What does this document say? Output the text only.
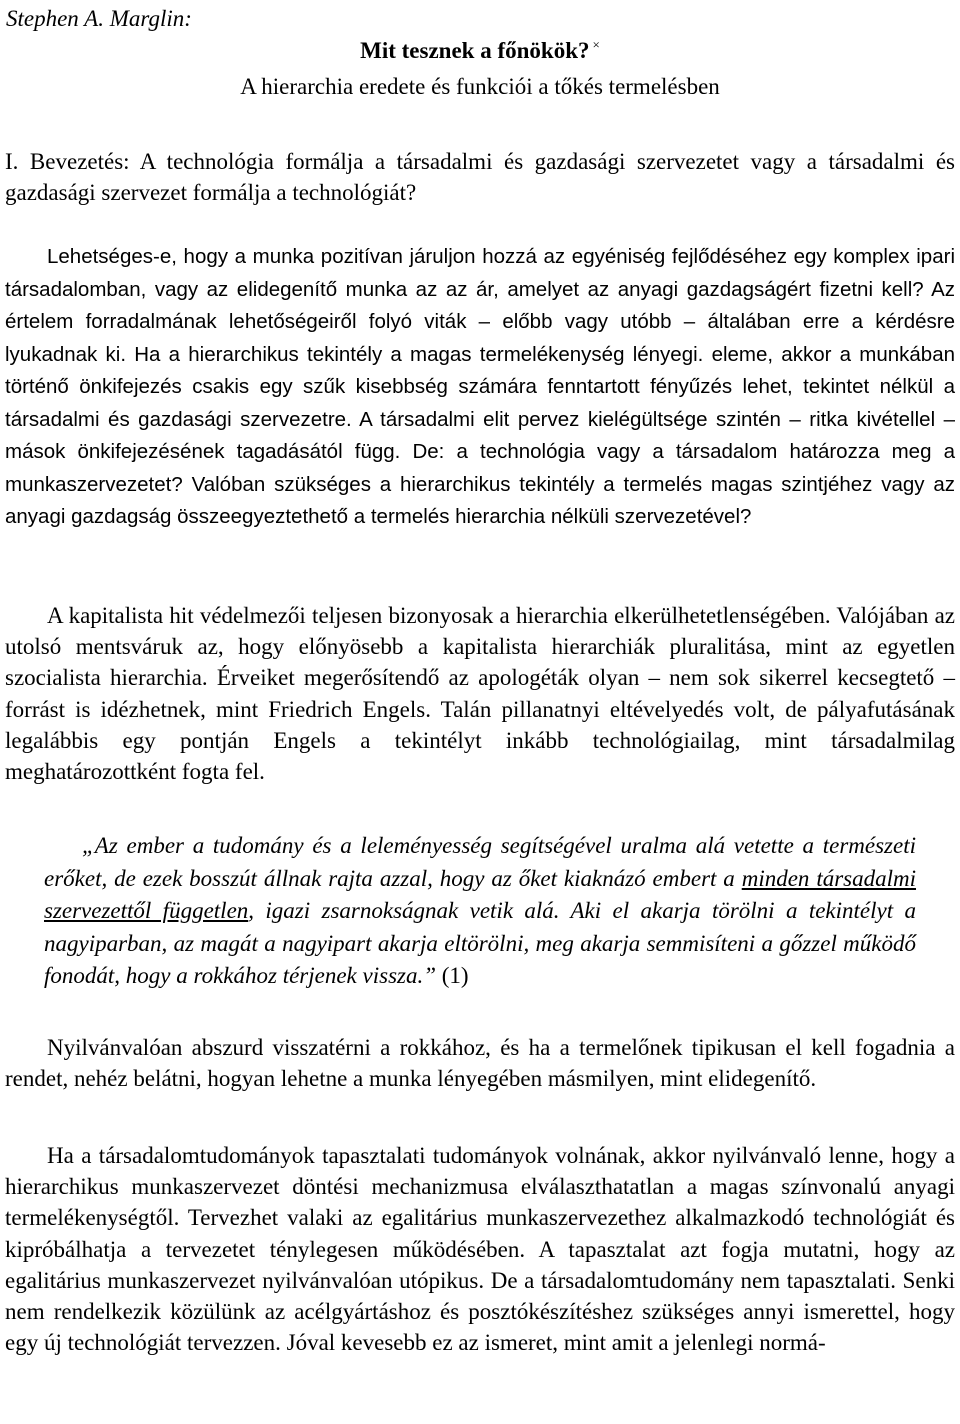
Stephen A. Marglin:
Mit tesznek a főnökök? ×
A hierarchia eredete és funkciói a tőkés termelésben
I. Bevezetés: A technológia formálja a társadalmi és gazdasági szervezetet vagy a társadalmi és gazdasági szervezet formálja a technológiát?
Lehetséges-e, hogy a munka pozitívan járuljon hozzá az egyéniség fejlődéséhez egy komplex ipari társadalomban, vagy az elidegenítő munka az az ár, amelyet az anyagi gazdagságért fizetni kell? Az értelem forradalmának lehetőségeiről folyó viták – előbb vagy utóbb – általában erre a kérdésre lyukadnak ki. Ha a hierarchikus tekintély a magas termelékenység lényegi. eleme, akkor a munkában történő önkifejezés csakis egy szűk kisebbség számára fenntartott fényűzés lehet, tekintet nélkül a társadalmi és gazdasági szervezetre. A társadalmi elit pervez kielégültsége szintén – ritka kivétellel – mások önkifejezésének tagadásától függ. De: a technológia vagy a társadalom határozza meg a munkaszervezetet? Valóban szükséges a hierarchikus tekintély a termelés magas szintjéhez vagy az anyagi gazdagság összeegyeztethető a termelés hierarchia nélküli szervezetével?
A kapitalista hit védelmezői teljesen bizonyosak a hierarchia elkerülhetetlenségében. Valójában az utolsó mentsváruk az, hogy előnyösebb a kapitalista hierarchiák pluralitása, mint az egyetlen szocialista hierarchia. Érveiket megerősítendő az apologéták olyan – nem sok sikerrel kecsegtető – forrást is idézhetnek, mint Friedrich Engels. Talán pillanatnyi eltévelyedés volt, de pályafutásának legalábbis egy pontján Engels a tekintélyt inkább technológiailag, mint társadalmilag meghatározottként fogta fel.
„Az ember a tudomány és a leleményesség segítségével uralma alá vetette a természeti erőket, de ezek bosszút állnak rajta azzal, hogy az őket kiaknázó embert a minden társadalmi szervezettől független, igazi zsarnokságnak vetik alá. Aki el akarja törölni a tekintélyt a nagyiparban, az magát a nagyipart akarja eltörölni, meg akarja semmisíteni a gőzzel működő fonodát, hogy a rokkához térjenek vissza.” (1)
Nyilvánvalóan abszurd visszatérni a rokkához, és ha a termelőnek tipikusan el kell fogadnia a rendet, nehéz belátni, hogyan lehetne a munka lényegében másmilyen, mint elidegenítő.
Ha a társadalomtudományok tapasztalati tudományok volnának, akkor nyilvánvaló lenne, hogy a hierarchikus munkaszervezet döntési mechanizmusa elválaszthatatlan a magas színvonalú anyagi termelékenységtől. Tervezhet valaki az egalitárius munkaszervezethez alkalmazkodó technológiát és kipróbálhatja a tervezetet ténylegesen működésében. A tapasztalat azt fogja mutatni, hogy az egalitárius munkaszervezet nyilvánvalóan utópikus. De a társadalomtudomány nem tapasztalati. Senki nem rendelkezik közülünk az acélgyártáshoz és posztókészítéshez szükséges annyi ismerettel, hogy egy új technológiát tervezzen. Jóval kevesebb ez az ismeret, mint amit a jelenlegi normá-
